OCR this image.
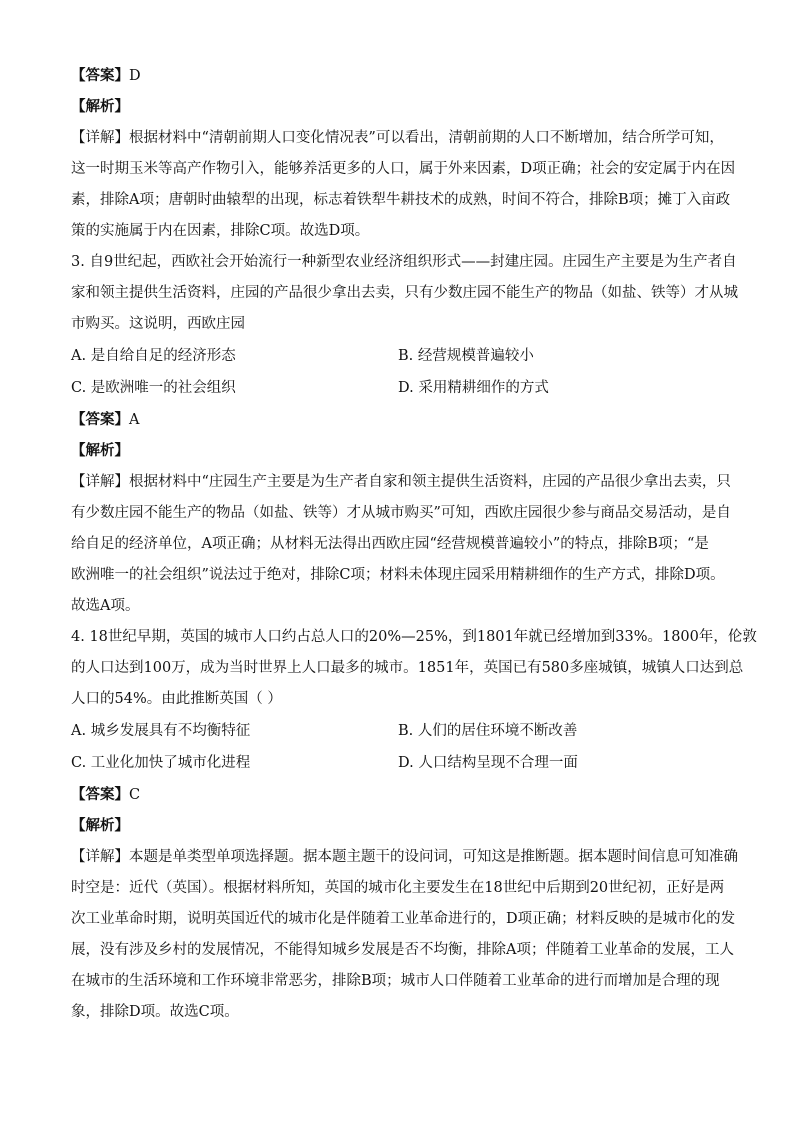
【答案】D
【解析】
【详解】根据材料中“清朝前期人口变化情况表”可以看出，清朝前期的人口不断增加，结合所学可知，
这一时期玉米等高产作物引入，能够养活更多的人口，属于外来因素，D项正确；社会的安定属于内在因
素，排除A项；唐朝时曲辕犁的出现，标志着铁犁牛耕技术的成熟，时间不符合，排除B项；摊丁入亩政
策的实施属于内在因素，排除C项。故选D项。
3. 自9世纪起，西欧社会开始流行一种新型农业经济组织形式——封建庄园。庄园生产主要是为生产者自
家和领主提供生活资料，庄园的产品很少拿出去卖，只有少数庄园不能生产的物品（如盐、铁等）才从城
市购买。这说明，西欧庄园
A. 是自给自足的经济形态	B. 经营规模普遍较小
C. 是欧洲唯一的社会组织	D. 采用精耕细作的方式
【答案】A
【解析】
【详解】根据材料中“庄园生产主要是为生产者自家和领主提供生活资料，庄园的产品很少拿出去卖，只
有少数庄园不能生产的物品（如盐、铁等）才从城市购买”可知，西欧庄园很少参与商品交易活动，是自
给自足的经济单位，A项正确；从材料无法得出西欧庄园“经营规模普遍较小”的特点，排除B项；“是
欧洲唯一的社会组织”说法过于绝对，排除C项；材料未体现庄园采用精耕细作的生产方式，排除D项。
故选A项。
4. 18世纪早期，英国的城市人口约占总人口的20%—25%，到1801年就已经增加到33%。1800年，伦敦
的人口达到100万，成为当时世界上人口最多的城市。1851年，英国已有580多座城镇，城镇人口达到总
人口的54%。由此推断英国（ ）
A. 城乡发展具有不均衡特征	B. 人们的居住环境不断改善
C. 工业化加快了城市化进程	D. 人口结构呈现不合理一面
【答案】C
【解析】
【详解】本题是单类型单项选择题。据本题主题干的设问词，可知这是推断题。据本题时间信息可知准确
时空是：近代（英国）。根据材料所知，英国的城市化主要发生在18世纪中后期到20世纪初，正好是两
次工业革命时期，说明英国近代的城市化是伴随着工业革命进行的，D项正确；材料反映的是城市化的发
展，没有涉及乡村的发展情况，不能得知城乡发展是否不均衡，排除A项；伴随着工业革命的发展，工人
在城市的生活环境和工作环境非常恶劣，排除B项；城市人口伴随着工业革命的进行而增加是合理的现
象，排除D项。故选C项。
